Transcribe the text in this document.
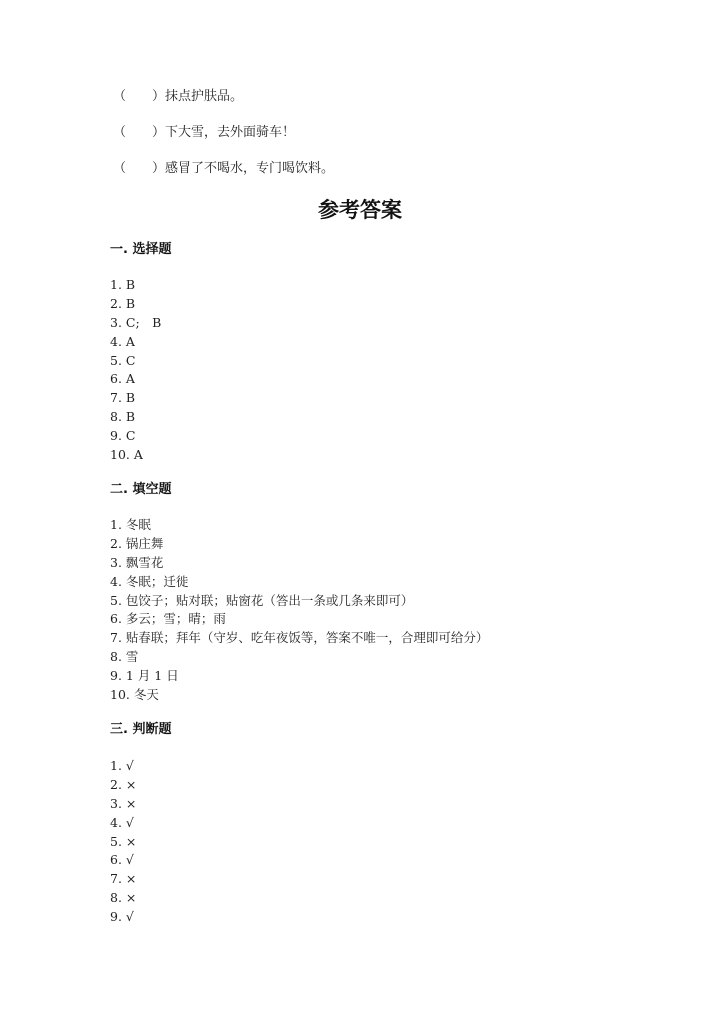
（　　）抹点护肤品。
（　　）下大雪，去外面骑车！
（　　）感冒了不喝水，专门喝饮料。
参考答案
一. 选择题
1. B
2. B
3. C;　B
4. A
5. C
6. A
7. B
8. B
9. C
10. A
二. 填空题
1. 冬眠
2. 锅庄舞
3. 飘雪花
4. 冬眠；迁徙
5. 包饺子；贴对联；贴窗花（答出一条或几条来即可）
6. 多云；雪；晴；雨
7. 贴春联；拜年（守岁、吃年夜饭等，答案不唯一，合理即可给分）
8. 雪
9. 1 月 1 日
10. 冬天
三. 判断题
1. √
2. ×
3. ×
4. √
5. ×
6. √
7. ×
8. ×
9. √
